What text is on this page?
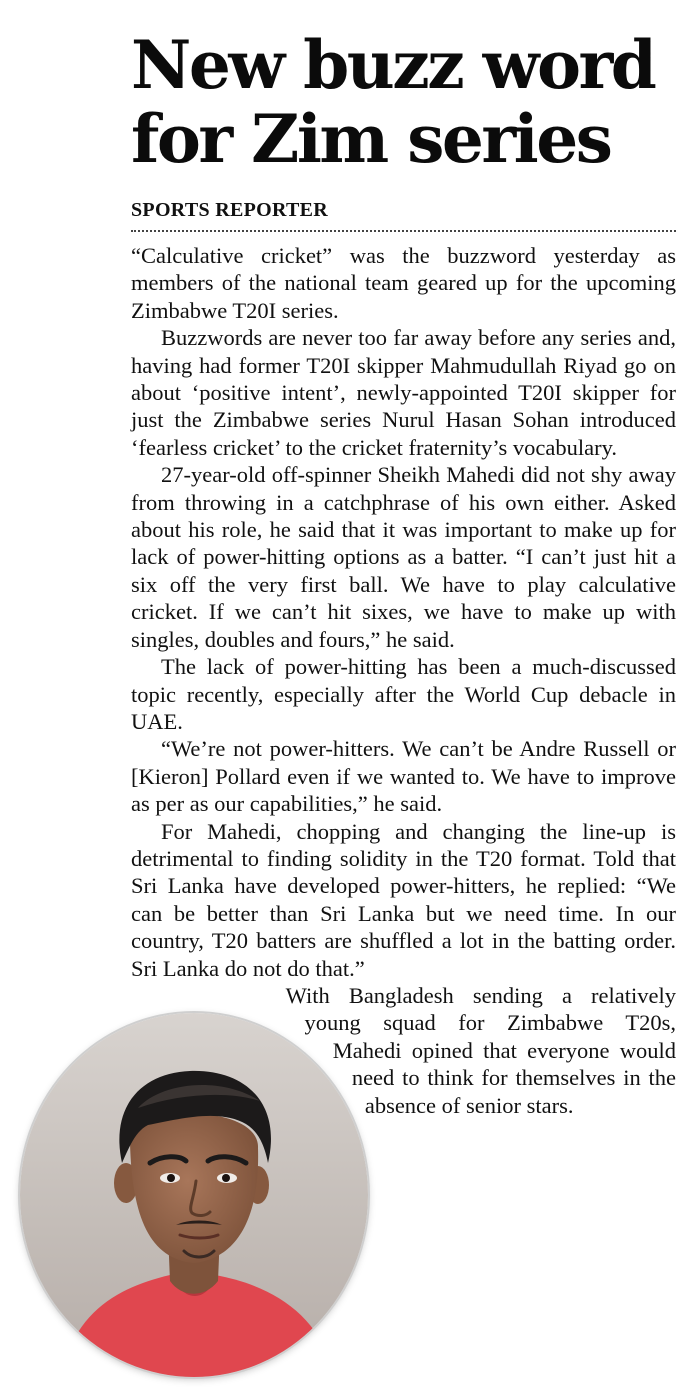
New buzz word for Zim series
SPORTS REPORTER

“Calculative cricket” was the buzzword yesterday as members of the national team geared up for the upcoming Zimbabwe T20I series.

Buzzwords are never too far away before any series and, having had former T20I skipper Mahmudullah Riyad go on about ‘positive intent’, newly-appointed T20I skipper for just the Zimbabwe series Nurul Hasan Sohan introduced ‘fearless cricket’ to the cricket fraternity’s vocabulary.

27-year-old off-spinner Sheikh Mahedi did not shy away from throwing in a catchphrase of his own either. Asked about his role, he said that it was important to make up for lack of power-hitting options as a batter. “I can’t just hit a six off the very first ball. We have to play calculative cricket. If we can’t hit sixes, we have to make up with singles, doubles and fours,” he said.

The lack of power-hitting has been a much-discussed topic recently, especially after the World Cup debacle in UAE.

“We’re not power-hitters. We can’t be Andre Russell or [Kieron] Pollard even if we wanted to. We have to improve as per as our capabilities,” he said.

For Mahedi, chopping and changing the line-up is detrimental to finding solidity in the T20 format. Told that Sri Lanka have developed power-hitters, he replied: “We can be better than Sri Lanka but we need time. In our country, T20 batters are shuffled a lot in the batting order. Sri Lanka do not do that.”

With Bangladesh sending a relatively young squad for Zimbabwe T20s, Mahedi opined that everyone would need to think for themselves in the absence of senior stars.
